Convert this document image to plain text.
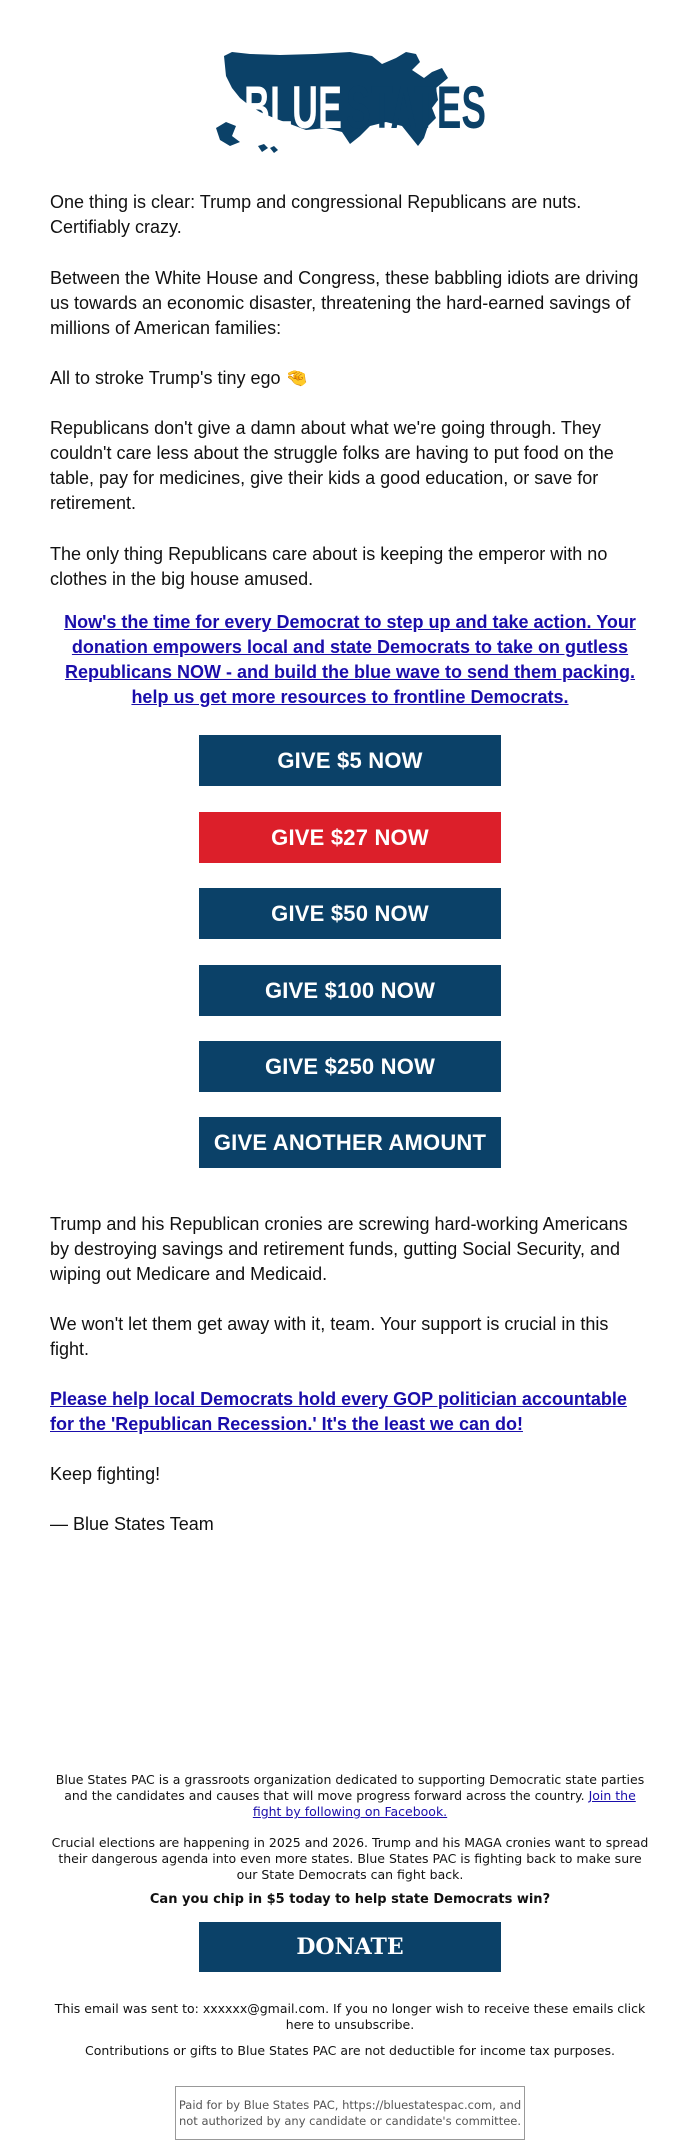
BLUE STATES

One thing is clear: Trump and congressional Republicans are nuts. Certifiably crazy.

Between the White House and Congress, these babbling idiots are driving us towards an economic disaster, threatening the hard-earned savings of millions of American families:

All to stroke Trump's tiny ego 🤏

Republicans don't give a damn about what we're going through. They couldn't care less about the struggle folks are having to put food on the table, pay for medicines, give their kids a good education, or save for retirement.

The only thing Republicans care about is keeping the emperor with no clothes in the big house amused.

Now's the time for every Democrat to step up and take action. Your donation empowers local and state Democrats to take on gutless Republicans NOW - and build the blue wave to send them packing. help us get more resources to frontline Democrats.
GIVE $5 NOW
GIVE $27 NOW
GIVE $50 NOW
GIVE $100 NOW
GIVE $250 NOW
GIVE ANOTHER AMOUNT

Trump and his Republican cronies are screwing hard-working Americans by destroying savings and retirement funds, gutting Social Security, and wiping out Medicare and Medicaid.

We won't let them get away with it, team. Your support is crucial in this fight.

Please help local Democrats hold every GOP politician accountable for the 'Republican Recession.' It's the least we can do!

Keep fighting!

— Blue States Team

Blue States PAC is a grassroots organization dedicated to supporting Democratic state parties and the candidates and causes that will move progress forward across the country. Join the fight by following on Facebook.
Crucial elections are happening in 2025 and 2026. Trump and his MAGA cronies want to spread their dangerous agenda into even more states. Blue States PAC is fighting back to make sure our State Democrats can fight back.
Can you chip in $5 today to help state Democrats win?
DONATE
This email was sent to: xxxxxx@gmail.com. If you no longer wish to receive these emails click here to unsubscribe.
Contributions or gifts to Blue States PAC are not deductible for income tax purposes.
Paid for by Blue States PAC, https://bluestatespac.com, and not authorized by any candidate or candidate's committee.
